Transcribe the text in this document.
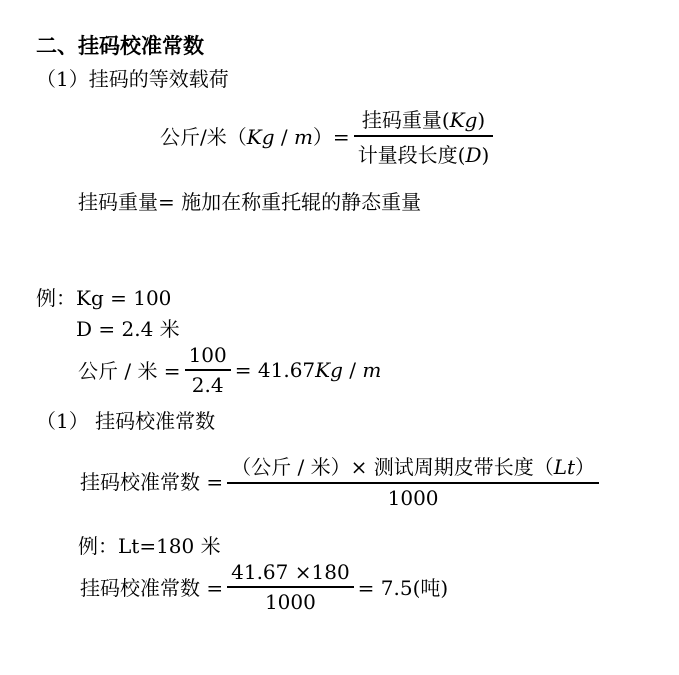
二、挂码校准常数
（1）挂码的等效载荷
公斤/米$(Kg / m)= \frac{\text{挂码重量(Kg)}}{\text{计量段长度(D)}}$
挂码重量= 施加在称重托辊的静态重量
例：Kg = 100
D = 2.4 米
公斤 / 米 = $\frac{100}{2.4} = 41.67Kg / m$
（1） 挂码校准常数
挂码校准常数 = $\frac{\text{（公斤 / 米）× 测试周期皮带长度（Lt）}}{1000}$
例：Lt=180 米
挂码校准常数 = $\frac{41.67 \times 180}{1000} = 7.5$(吨)
